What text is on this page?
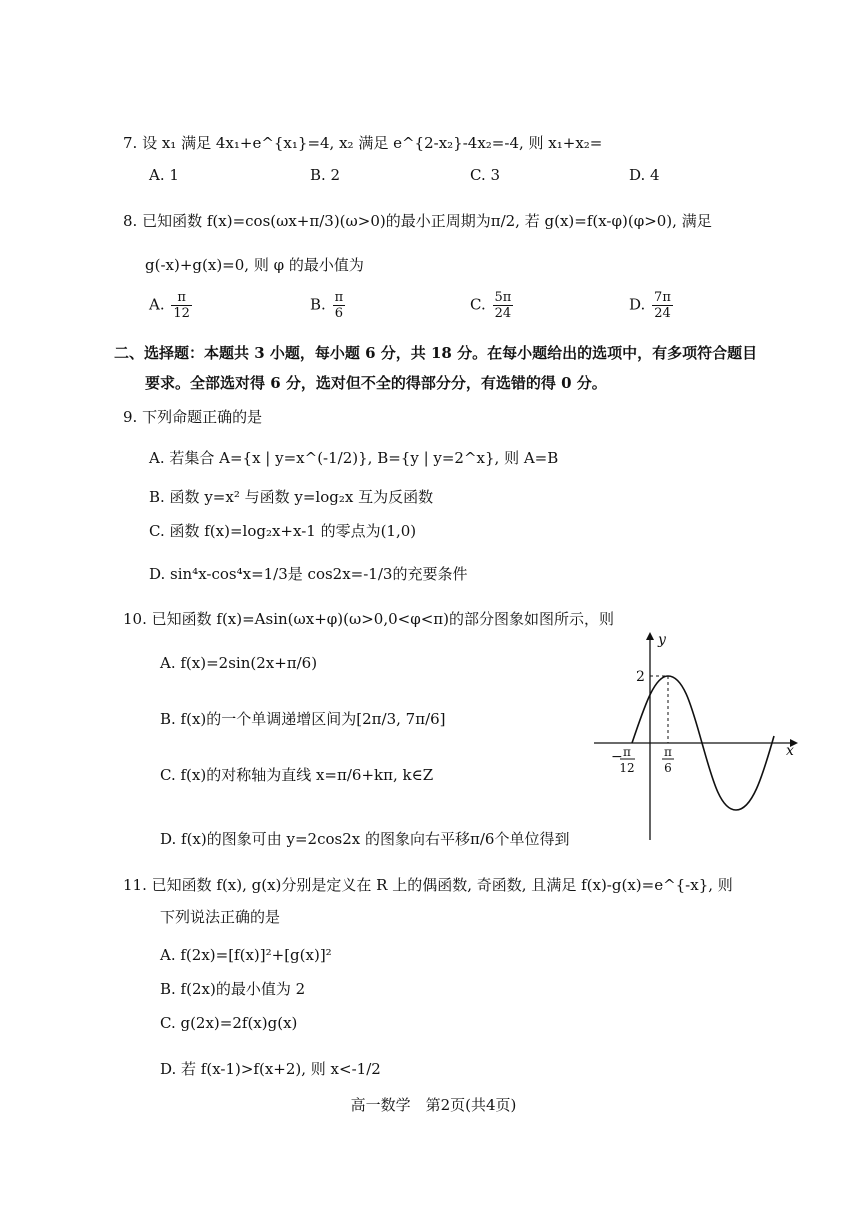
7. 设 x₁ 满足 4x₁+e^{x₁}=4, x₂ 满足 e^{2-x₂}-4x₂=-4, 则 x₁+x₂=
A. 1	B. 2	C. 3	D. 4
8. 已知函数 f(x)=cos(ωx+π/3)(ω>0)的最小正周期为π/2, 若 g(x)=f(x-φ)(φ>0), 满足
g(-x)+g(x)=0, 则 φ 的最小值为
A. $\frac{\pi}{12}$	B. $\frac{\pi}{6}$	C. $\frac{5\pi}{24}$	D. $\frac{7\pi}{24}$
二、选择题：本题共 3 小题，每小题 6 分，共 18 分。在每小题给出的选项中，有多项符合题目
要求。全部选对得 6 分，选对但不全的得部分分，有选错的得 0 分。
9. 下列命题正确的是
A. 若集合 A={x | y=x^(-1/2)}, B={y | y=2^x}, 则 A=B
B. 函数 y=x² 与函数 y=log₂x 互为反函数
C. 函数 f(x)=log₂x+x-1 的零点为(1,0)
D. sin⁴x-cos⁴x=1/3是 cos2x=-1/3的充要条件
10. 已知函数 f(x)=Asin(ωx+φ)(ω>0,0<φ<π)的部分图象如图所示，则
A. f(x)=2sin(2x+π/6)
B. f(x)的一个单调递增区间为[2π/3, 7π/6]
C. f(x)的对称轴为直线 x=π/6+kπ, k∈Z
D. f(x)的图象可由 y=2cos2x 的图象向右平移π/6个单位得到
y
x
2
− π
12
π
6
11. 已知函数 f(x), g(x)分别是定义在 R 上的偶函数, 奇函数, 且满足 f(x)-g(x)=e^{-x}, 则
下列说法正确的是
A. f(2x)=[f(x)]²+[g(x)]²
B. f(2x)的最小值为 2
C. g(2x)=2f(x)g(x)
D. 若 f(x-1)>f(x+2), 则 x<-1/2
高一数学　第2页(共4页)
